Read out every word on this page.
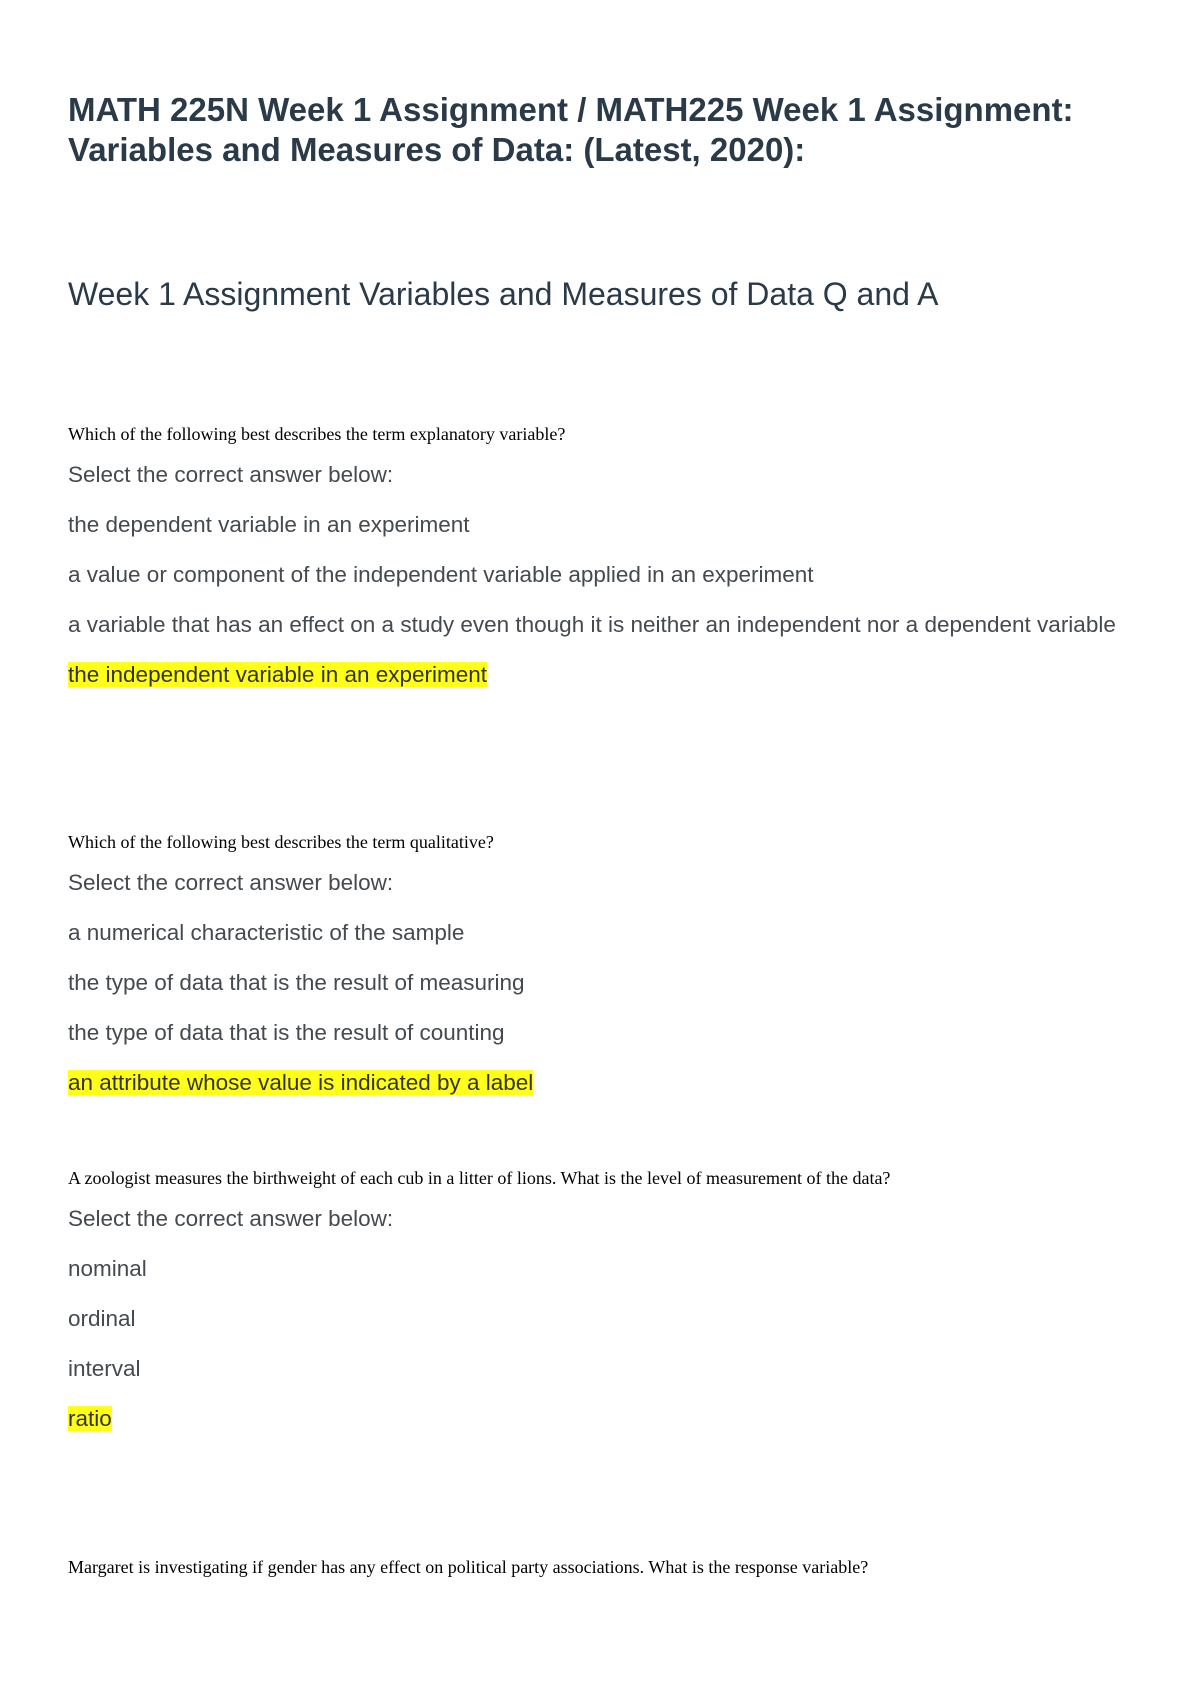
MATH 225N Week 1 Assignment / MATH225 Week 1 Assignment:
Variables and Measures of Data: (Latest, 2020):
Week 1 Assignment Variables and Measures of Data Q and A

Which of the following best describes the term explanatory variable?

Select the correct answer below:

the dependent variable in an experiment

a value or component of the independent variable applied in an experiment

a variable that has an effect on a study even though it is neither an independent nor a dependent variable

the independent variable in an experiment

Which of the following best describes the term qualitative?

Select the correct answer below:

a numerical characteristic of the sample

the type of data that is the result of measuring

the type of data that is the result of counting

an attribute whose value is indicated by a label

A zoologist measures the birthweight of each cub in a litter of lions. What is the level of measurement of the data?

Select the correct answer below:

nominal

ordinal

interval

ratio

Margaret is investigating if gender has any effect on political party associations. What is the response variable?
